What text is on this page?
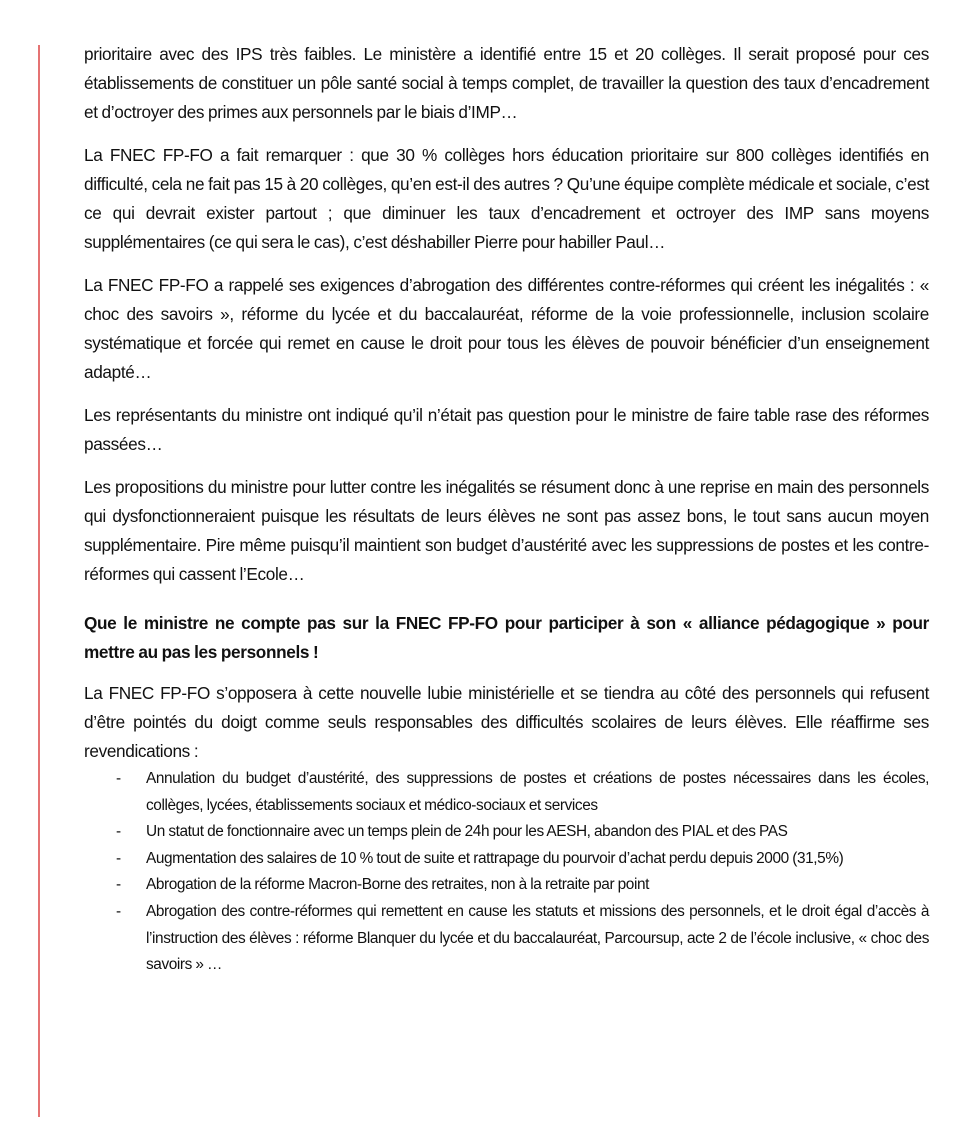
prioritaire avec des IPS très faibles. Le ministère a identifié entre 15 et 20 collèges. Il serait proposé pour ces établissements de constituer un pôle santé social à temps complet, de travailler la question des taux d’encadrement et d’octroyer des primes aux personnels par le biais d’IMP…

La FNEC FP-FO a fait remarquer : que 30 % collèges hors éducation prioritaire sur 800 collèges identifiés en difficulté, cela ne fait pas 15 à 20 collèges, qu’en est-il des autres ? Qu’une équipe complète médicale et sociale, c’est ce qui devrait exister partout ; que diminuer les taux d’encadrement et octroyer des IMP sans moyens supplémentaires (ce qui sera le cas), c’est déshabiller Pierre pour habiller Paul…

La FNEC FP-FO a rappelé ses exigences d’abrogation des différentes contre-réformes qui créent les inégalités : « choc des savoirs », réforme du lycée et du baccalauréat, réforme de la voie professionnelle, inclusion scolaire systématique et forcée qui remet en cause le droit pour tous les élèves de pouvoir bénéficier d’un enseignement adapté…

Les représentants du ministre ont indiqué qu’il n’était pas question pour le ministre de faire table rase des réformes passées…

Les propositions du ministre pour lutter contre les inégalités se résument donc à une reprise en main des personnels qui dysfonctionneraient puisque les résultats de leurs élèves ne sont pas assez bons, le tout sans aucun moyen supplémentaire. Pire même puisqu’il maintient son budget d’austérité avec les suppressions de postes et les contre-réformes qui cassent l’Ecole…

Que le ministre ne compte pas sur la FNEC FP-FO pour participer à son « alliance pédagogique » pour mettre au pas les personnels !

La FNEC FP-FO s’opposera à cette nouvelle lubie ministérielle et se tiendra au côté des personnels qui refusent d’être pointés du doigt comme seuls responsables des difficultés scolaires de leurs élèves. Elle réaffirme ses revendications :

- Annulation du budget d’austérité, des suppressions de postes et créations de postes nécessaires dans les écoles, collèges, lycées, établissements sociaux et médico-sociaux et services
- Un statut de fonctionnaire avec un temps plein de 24h pour les AESH, abandon des PIAL et des PAS
- Augmentation des salaires de 10 % tout de suite et rattrapage du pourvoir d’achat perdu depuis 2000 (31,5%)
- Abrogation de la réforme Macron-Borne des retraites, non à la retraite par point
- Abrogation des contre-réformes qui remettent en cause les statuts et missions des personnels, et le droit égal d’accès à l’instruction des élèves : réforme Blanquer du lycée et du baccalauréat, Parcoursup, acte 2 de l’école inclusive, « choc des savoirs » …
